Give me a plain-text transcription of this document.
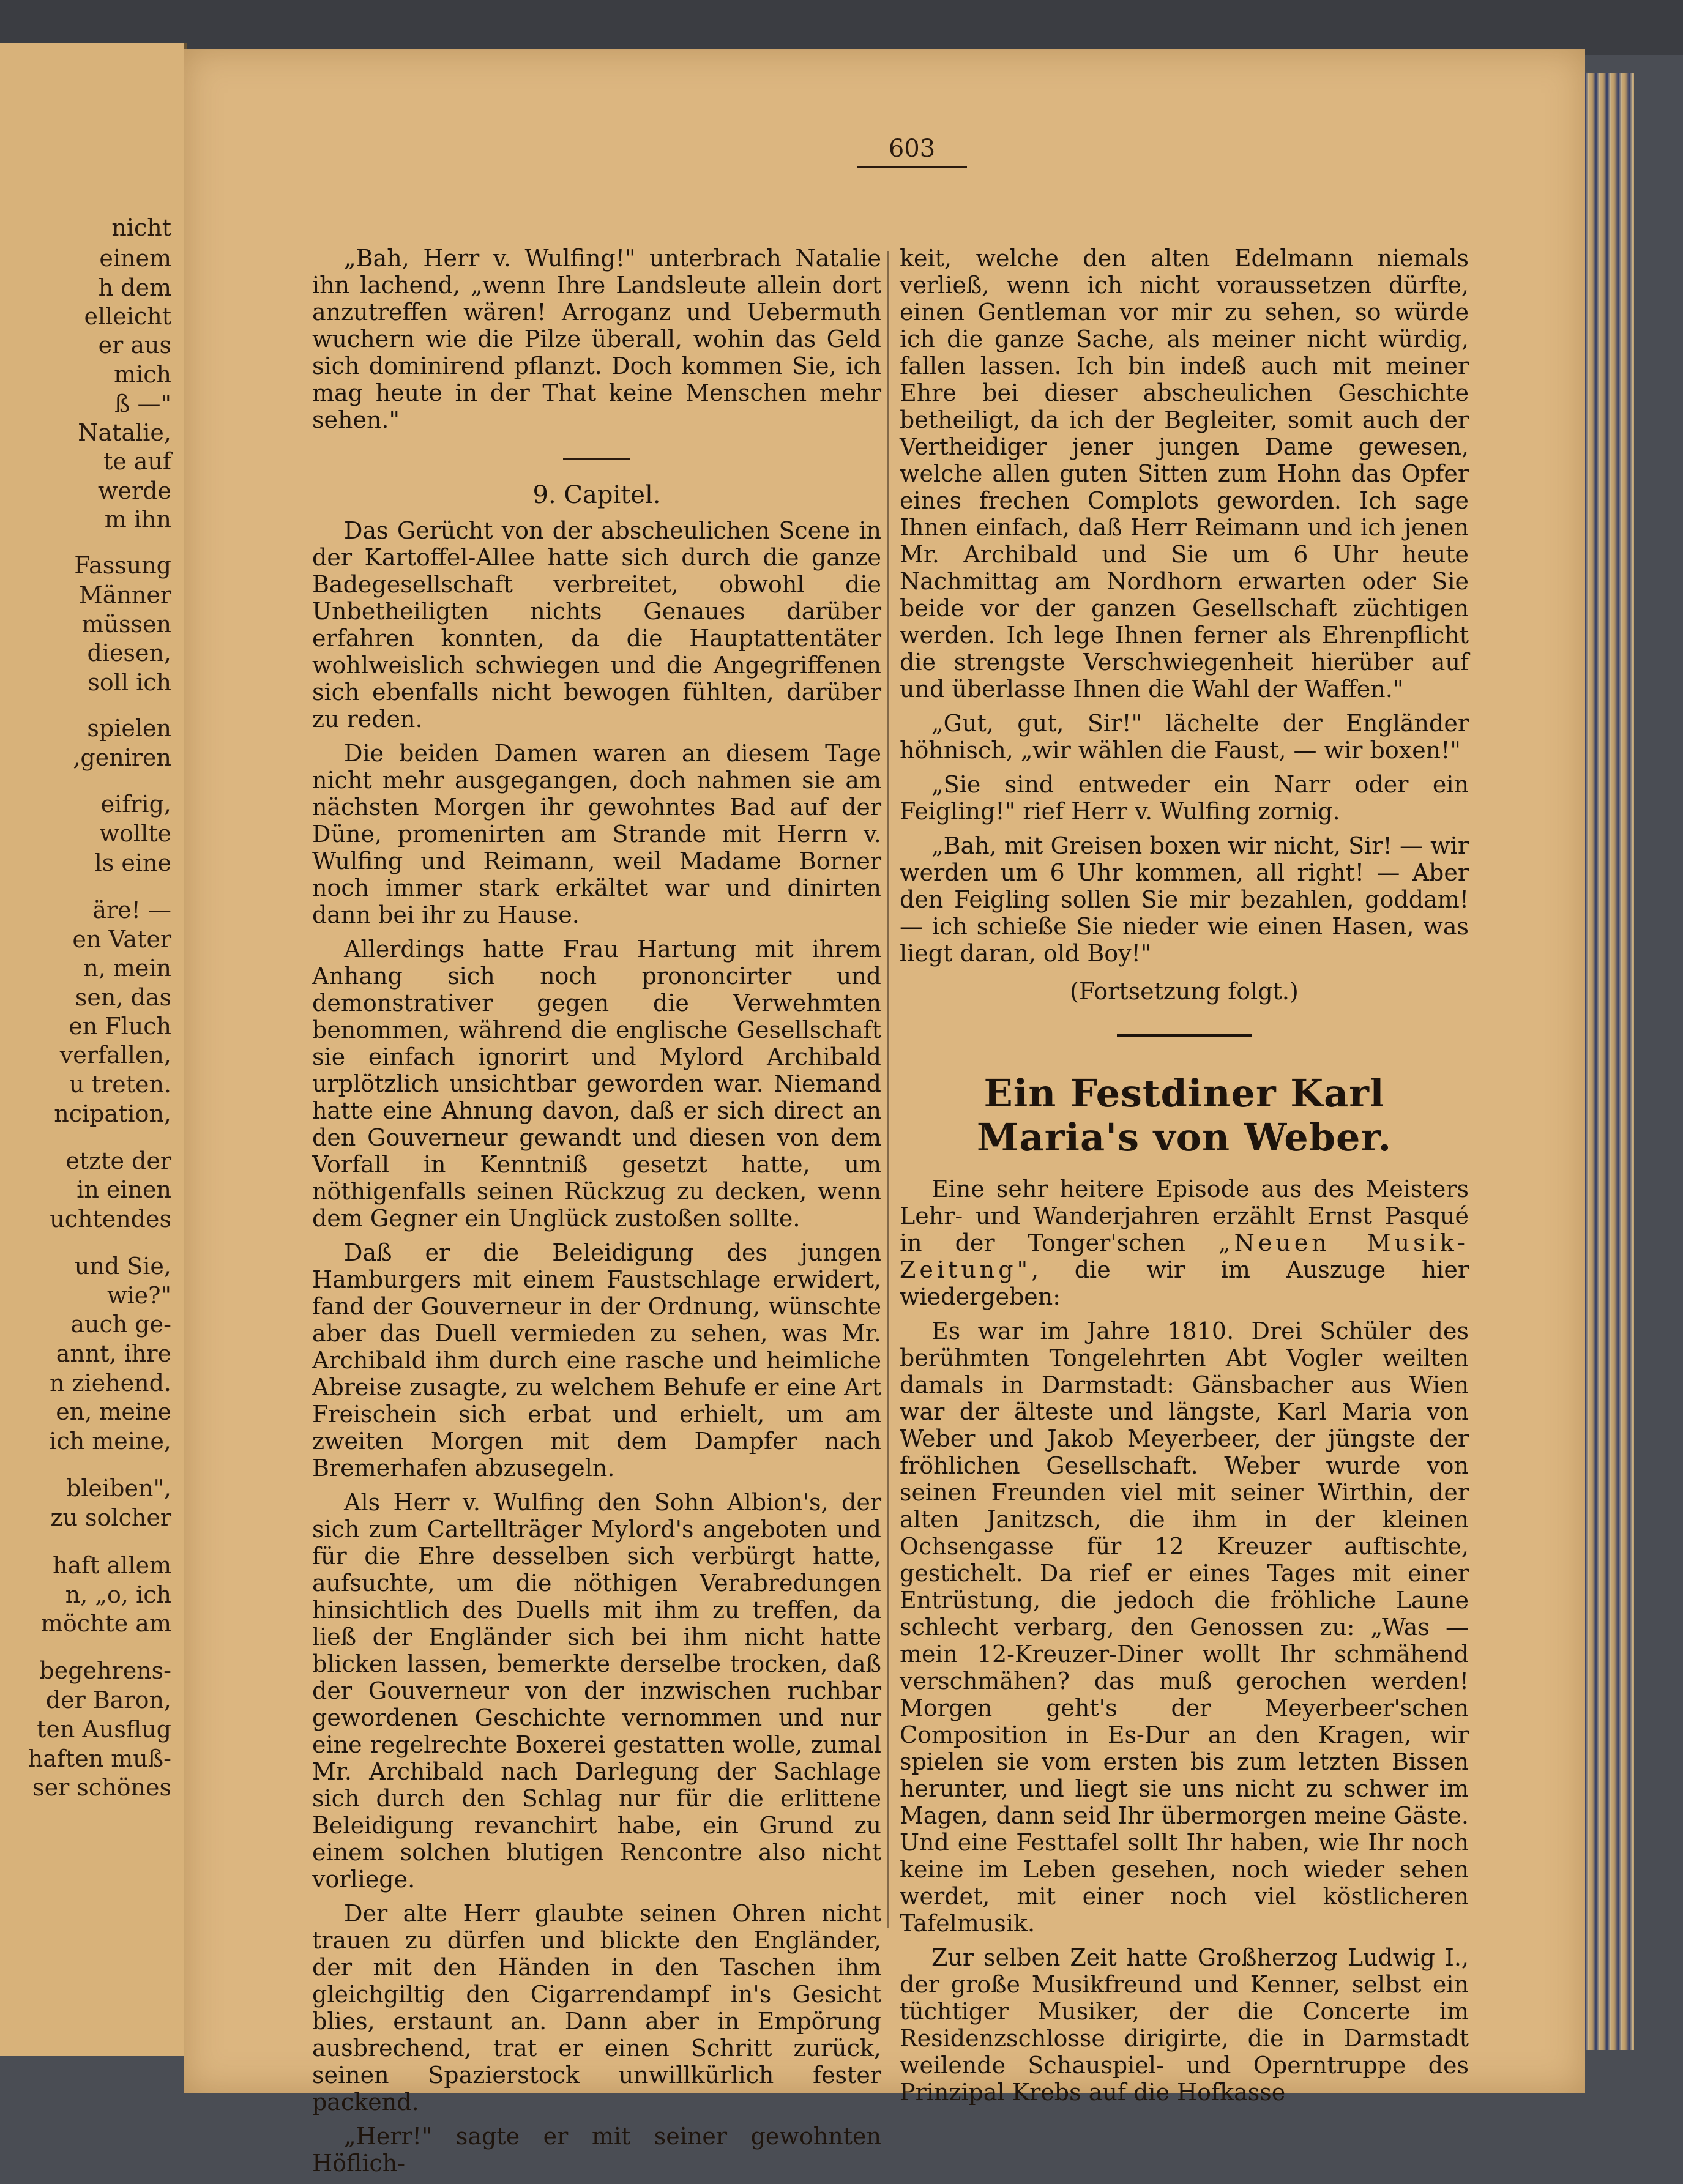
nicht
einem
h dem
elleicht
er aus
mich
ß —"
Natalie,
te auf
werde
m ihn
Fassung
Männer
müssen
diesen,
soll ich
spielen
,geniren
eifrig,
wollte
ls eine
äre! —
en Vater
n, mein
sen, das
en Fluch
verfallen,
u treten.
ncipation,
etzte der
in einen
uchtendes
und Sie,
wie?"
auch ge-
annt, ihre
n ziehend.
en, meine
ich meine,
bleiben",
zu solcher
haft allem
n, „o, ich
möchte am
begehrens-
der Baron,
ten Ausflug
haften muß-
ser schönes
603

„Bah, Herr v. Wulfing!" unterbrach Natalie ihn lachend, „wenn Ihre Landsleute allein dort anzutreffen wären! Arroganz und Uebermuth wuchern wie die Pilze überall, wohin das Geld sich dominirend pflanzt. Doch kommen Sie, ich mag heute in der That keine Menschen mehr sehen."

9. Capitel.

Das Gerücht von der abscheulichen Scene in der Kartoffel-Allee hatte sich durch die ganze Badegesellschaft verbreitet, obwohl die Unbetheiligten nichts Genaues darüber erfahren konnten, da die Hauptattentäter wohlweislich schwiegen und die Angegriffenen sich ebenfalls nicht bewogen fühlten, darüber zu reden.

Die beiden Damen waren an diesem Tage nicht mehr ausgegangen, doch nahmen sie am nächsten Morgen ihr gewohntes Bad auf der Düne, promenirten am Strande mit Herrn v. Wulfing und Reimann, weil Madame Borner noch immer stark erkältet war und dinirten dann bei ihr zu Hause.

Allerdings hatte Frau Hartung mit ihrem Anhang sich noch prononcirter und demonstrativer gegen die Verwehmten benommen, während die englische Gesellschaft sie einfach ignorirt und Mylord Archibald urplötzlich unsichtbar geworden war. Niemand hatte eine Ahnung davon, daß er sich direct an den Gouverneur gewandt und diesen von dem Vorfall in Kenntniß gesetzt hatte, um nöthigenfalls seinen Rückzug zu decken, wenn dem Gegner ein Unglück zustoßen sollte.

Daß er die Beleidigung des jungen Hamburgers mit einem Faustschlage erwidert, fand der Gouverneur in der Ordnung, wünschte aber das Duell vermieden zu sehen, was Mr. Archibald ihm durch eine rasche und heimliche Abreise zusagte, zu welchem Behufe er eine Art Freischein sich erbat und erhielt, um am zweiten Morgen mit dem Dampfer nach Bremerhafen abzusegeln.

Als Herr v. Wulfing den Sohn Albion's, der sich zum Cartellträger Mylord's angeboten und für die Ehre desselben sich verbürgt hatte, aufsuchte, um die nöthigen Verabredungen hinsichtlich des Duells mit ihm zu treffen, da ließ der Engländer sich bei ihm nicht hatte blicken lassen, bemerkte derselbe trocken, daß der Gouverneur von der inzwischen ruchbar gewordenen Geschichte vernommen und nur eine regelrechte Boxerei gestatten wolle, zumal Mr. Archibald nach Darlegung der Sachlage sich durch den Schlag nur für die erlittene Beleidigung revanchirt habe, ein Grund zu einem solchen blutigen Rencontre also nicht vorliege.

Der alte Herr glaubte seinen Ohren nicht trauen zu dürfen und blickte den Engländer, der mit den Händen in den Taschen ihm gleichgiltig den Cigarrendampf in's Gesicht blies, erstaunt an. Dann aber in Empörung ausbrechend, trat er einen Schritt zurück, seinen Spazierstock unwillkürlich fester packend.

„Herr!" sagte er mit seiner gewohnten Höflich-

keit, welche den alten Edelmann niemals verließ, wenn ich nicht voraussetzen dürfte, einen Gentleman vor mir zu sehen, so würde ich die ganze Sache, als meiner nicht würdig, fallen lassen. Ich bin indeß auch mit meiner Ehre bei dieser abscheulichen Geschichte betheiligt, da ich der Begleiter, somit auch der Vertheidiger jener jungen Dame gewesen, welche allen guten Sitten zum Hohn das Opfer eines frechen Complots geworden. Ich sage Ihnen einfach, daß Herr Reimann und ich jenen Mr. Archibald und Sie um 6 Uhr heute Nachmittag am Nordhorn erwarten oder Sie beide vor der ganzen Gesellschaft züchtigen werden. Ich lege Ihnen ferner als Ehrenpflicht die strengste Verschwiegenheit hierüber auf und überlasse Ihnen die Wahl der Waffen."

„Gut, gut, Sir!" lächelte der Engländer höhnisch, „wir wählen die Faust, — wir boxen!"

„Sie sind entweder ein Narr oder ein Feigling!" rief Herr v. Wulfing zornig.

„Bah, mit Greisen boxen wir nicht, Sir! — wir werden um 6 Uhr kommen, all right! — Aber den Feigling sollen Sie mir bezahlen, goddam! — ich schieße Sie nieder wie einen Hasen, was liegt daran, old Boy!"

(Fortsetzung folgt.)
Ein Festdiner Karl Maria's von Weber.

Eine sehr heitere Episode aus des Meisters Lehr- und Wanderjahren erzählt Ernst Pasqué in der Tonger'schen „Neuen Musik-Zeitung", die wir im Auszuge hier wiedergeben:

Es war im Jahre 1810. Drei Schüler des berühmten Tongelehrten Abt Vogler weilten damals in Darmstadt: Gänsbacher aus Wien war der älteste und längste, Karl Maria von Weber und Jakob Meyerbeer, der jüngste der fröhlichen Gesellschaft. Weber wurde von seinen Freunden viel mit seiner Wirthin, der alten Janitzsch, die ihm in der kleinen Ochsengasse für 12 Kreuzer auftischte, gestichelt. Da rief er eines Tages mit einer Entrüstung, die jedoch die fröhliche Laune schlecht verbarg, den Genossen zu: „Was — mein 12-Kreuzer-Diner wollt Ihr schmähend verschmähen? das muß gerochen werden! Morgen geht's der Meyerbeer'schen Composition in Es-Dur an den Kragen, wir spielen sie vom ersten bis zum letzten Bissen herunter, und liegt sie uns nicht zu schwer im Magen, dann seid Ihr übermorgen meine Gäste. Und eine Festtafel sollt Ihr haben, wie Ihr noch keine im Leben gesehen, noch wieder sehen werdet, mit einer noch viel köstlicheren Tafelmusik.

Zur selben Zeit hatte Großherzog Ludwig I., der große Musikfreund und Kenner, selbst ein tüchtiger Musiker, der die Concerte im Residenzschlosse dirigirte, die in Darmstadt weilende Schauspiel- und Operntruppe des Prinzipal Krebs auf die Hofkasse
